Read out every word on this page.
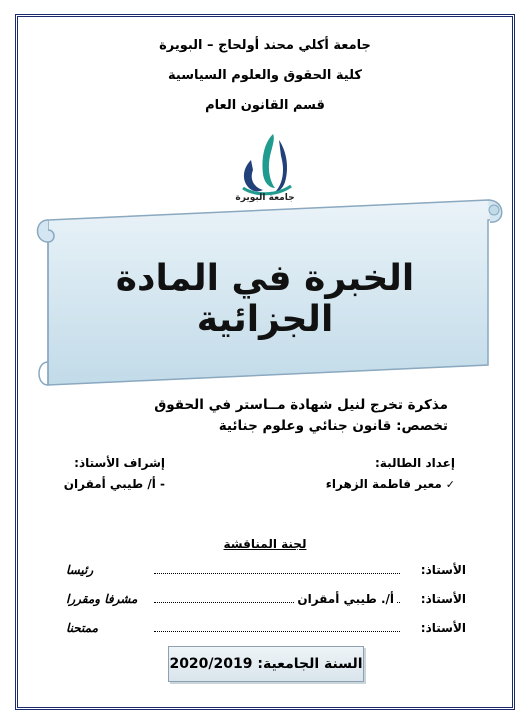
جامعة أكلي محند أولحاج – البويرة
كلية الحقوق والعلوم السياسية
قسم القانون العام
جامعة البويرة
الخبرة في المادة الجزائية
مذكرة تخرج لنيل شهادة مــاستر في الحقوق
تخصص: قانون جنائي وعلوم جنائية
إعداد الطالبة:
✓معير فاطمة الزهراء
إشراف الأستاذ:
- أ/ طيبي أمقران
لجنة المناقشة
الأستاذ:
رئيسا
الأستاذ:
أ/. طيبي أمقران
مشرفا ومقررا
الأستاذ:
ممتحنا
السنة الجامعية: 2020/2019
